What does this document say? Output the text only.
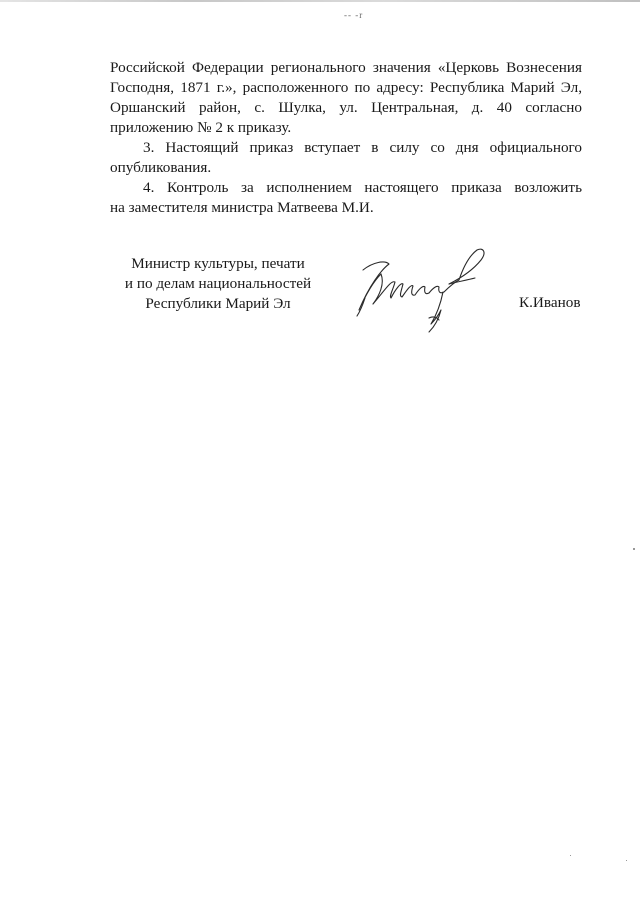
-- -r

Российской Федерации регионального значения «Церковь Вознесения
Господня, 1871 г.», расположенного по адресу: Республика Марий Эл,
Оршанский район, с. Шулка, ул. Центральная, д. 40 согласно
приложению № 2 к приказу.

3. Настоящий приказ вступает в силу со дня официального
опубликования.

4. Контроль за исполнением настоящего приказа возложить
на заместителя министра Матвеева М.И.

Министр культуры, печати
и по делам национальностей
Республики Марий Эл	К.Иванов
